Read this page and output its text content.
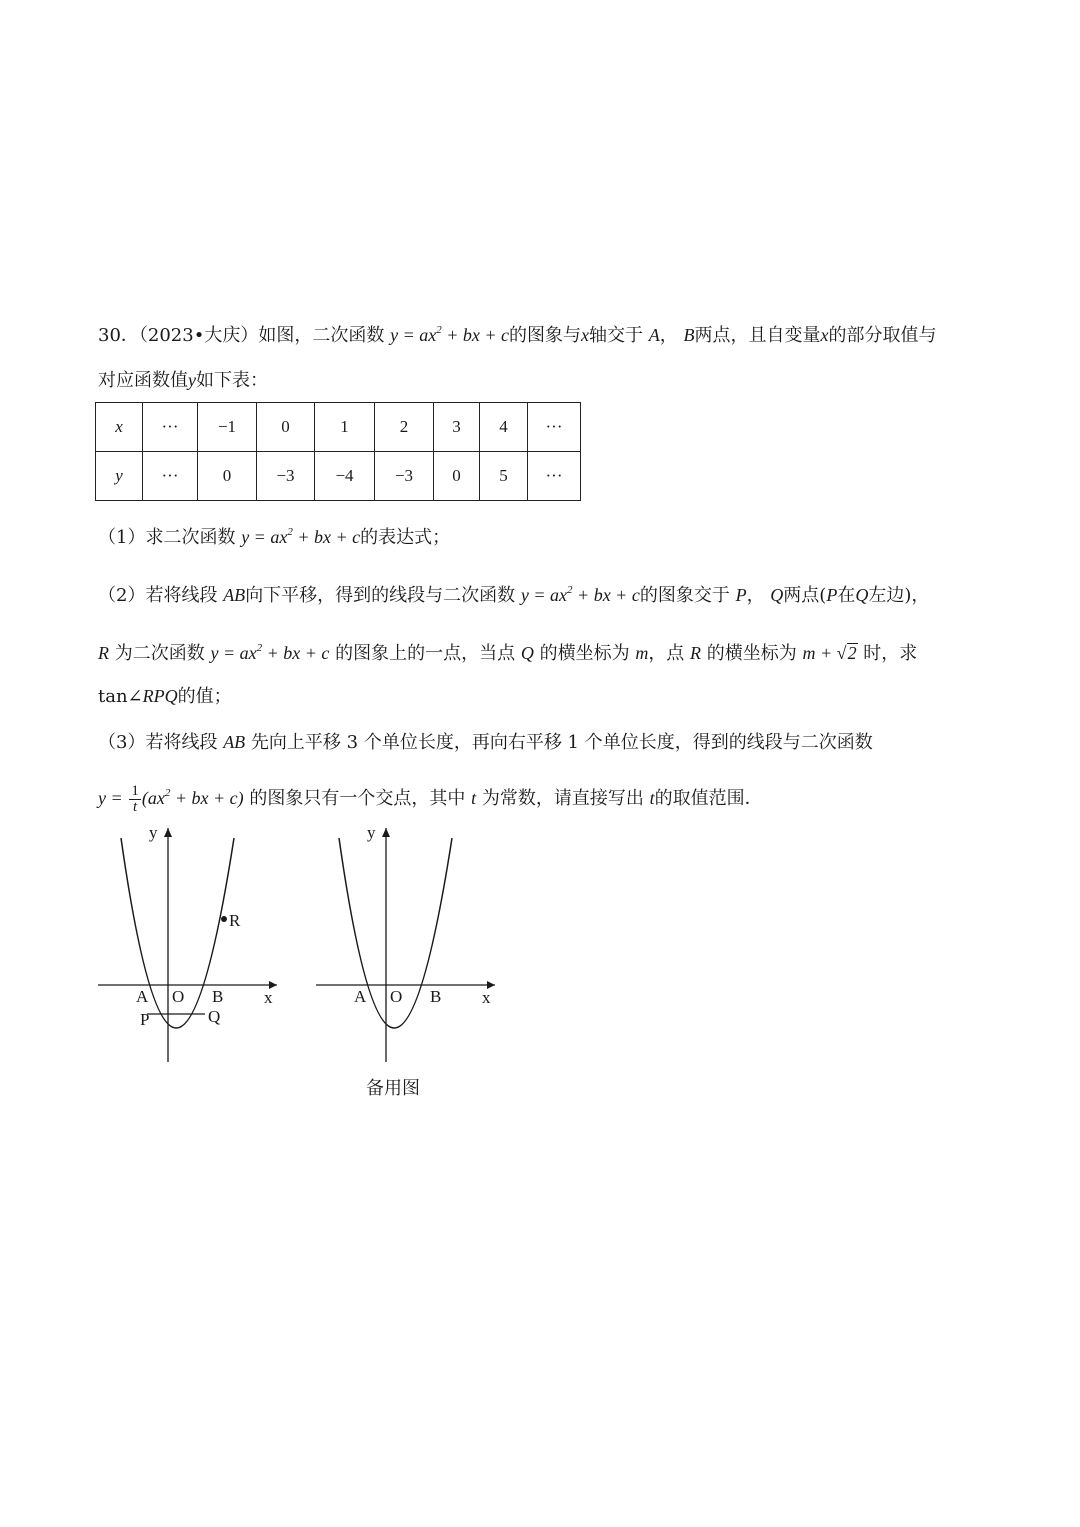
30．（2023•大庆）如图，二次函数 $y = ax^2$ + bx + c的图象与x轴交于 A， B两点，且自变量x的部分取值与
对应函数值y如下表：
x	···	−1	0	1	2	3	4	···
y	···	0	−3	−4	−3	0	5	···
（1）求二次函数 $y = ax^2$ + bx + c的表达式；
（2）若将线段 AB向下平移，得到的线段与二次函数 $y = ax^2$ + bx + c的图象交于 P， Q两点(P在Q左边)，
R 为二次函数 $y = ax^2$ + bx + c 的图象上的一点，当点 Q 的横坐标为 m，点 R 的横坐标为 m + √2 时，求
tan∠RPQ的值；
（3）若将线段 AB 先向上平移 3 个单位长度，再向右平移 1 个单位长度，得到的线段与二次函数
$y = \frac{1}{t} (ax^2$ + bx + c) 的图象只有一个交点，其中 t 为常数，请直接写出 t的取值范围．
y
x
O
A	B
P	Q
R
y
x
O
A	B
备用图
